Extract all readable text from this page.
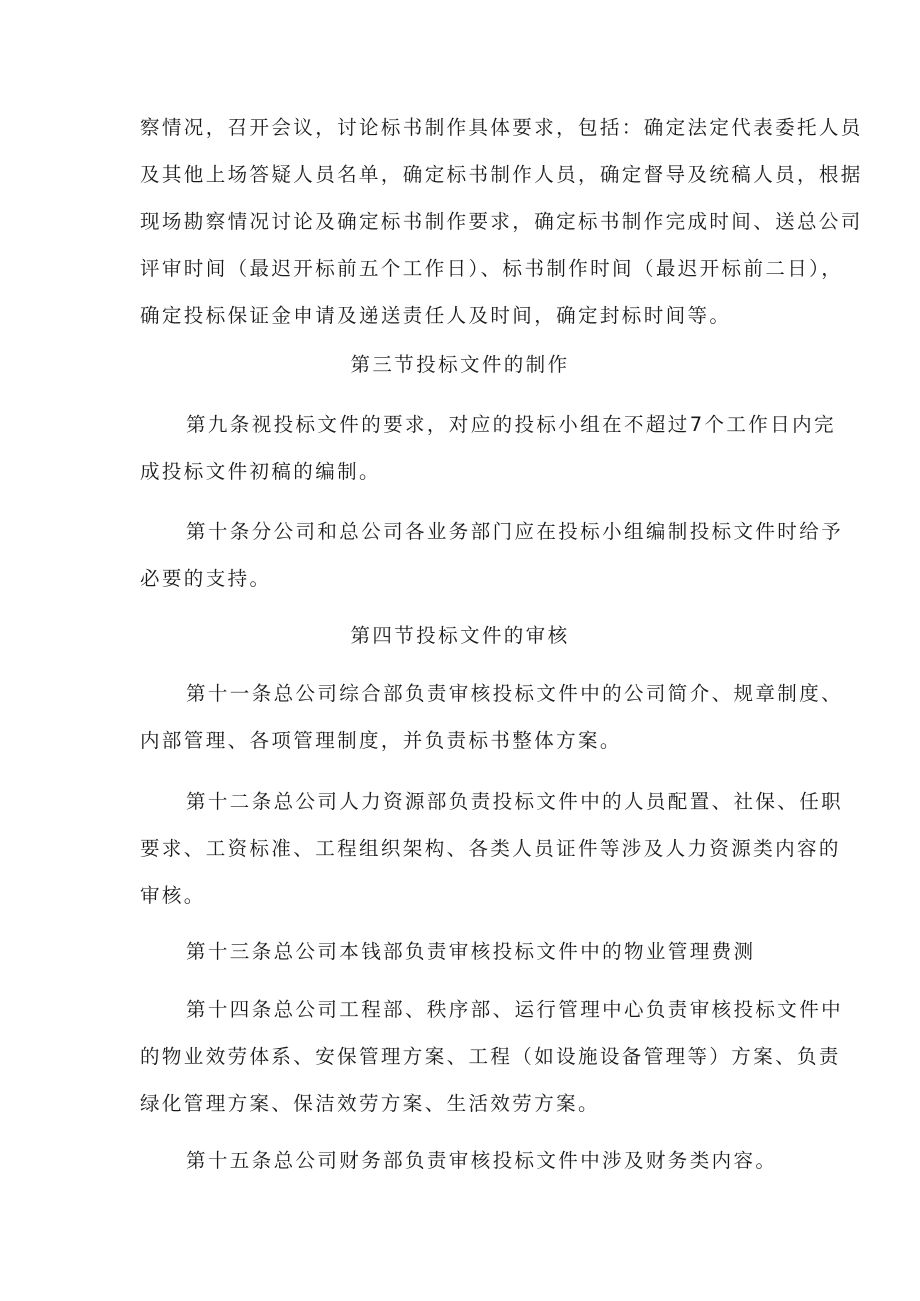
察情况，召开会议，讨论标书制作具体要求，包括：确定法定代表委托人员
及其他上场答疑人员名单，确定标书制作人员，确定督导及统稿人员，根据
现场勘察情况讨论及确定标书制作要求，确定标书制作完成时间、送总公司
评审时间（最迟开标前五个工作日）、标书制作时间（最迟开标前二日），
确定投标保证金申请及递送责任人及时间，确定封标时间等。
第三节投标文件的制作
第九条视投标文件的要求，对应的投标小组在不超过7个工作日内完
成投标文件初稿的编制。
第十条分公司和总公司各业务部门应在投标小组编制投标文件时给予
必要的支持。
第四节投标文件的审核
第十一条总公司综合部负责审核投标文件中的公司简介、规章制度、
内部管理、各项管理制度，并负责标书整体方案。
第十二条总公司人力资源部负责投标文件中的人员配置、社保、任职
要求、工资标准、工程组织架构、各类人员证件等涉及人力资源类内容的
审核。
第十三条总公司本钱部负责审核投标文件中的物业管理费测
第十四条总公司工程部、秩序部、运行管理中心负责审核投标文件中
的物业效劳体系、安保管理方案、工程（如设施设备管理等）方案、负责
绿化管理方案、保洁效劳方案、生活效劳方案。
第十五条总公司财务部负责审核投标文件中涉及财务类内容。
